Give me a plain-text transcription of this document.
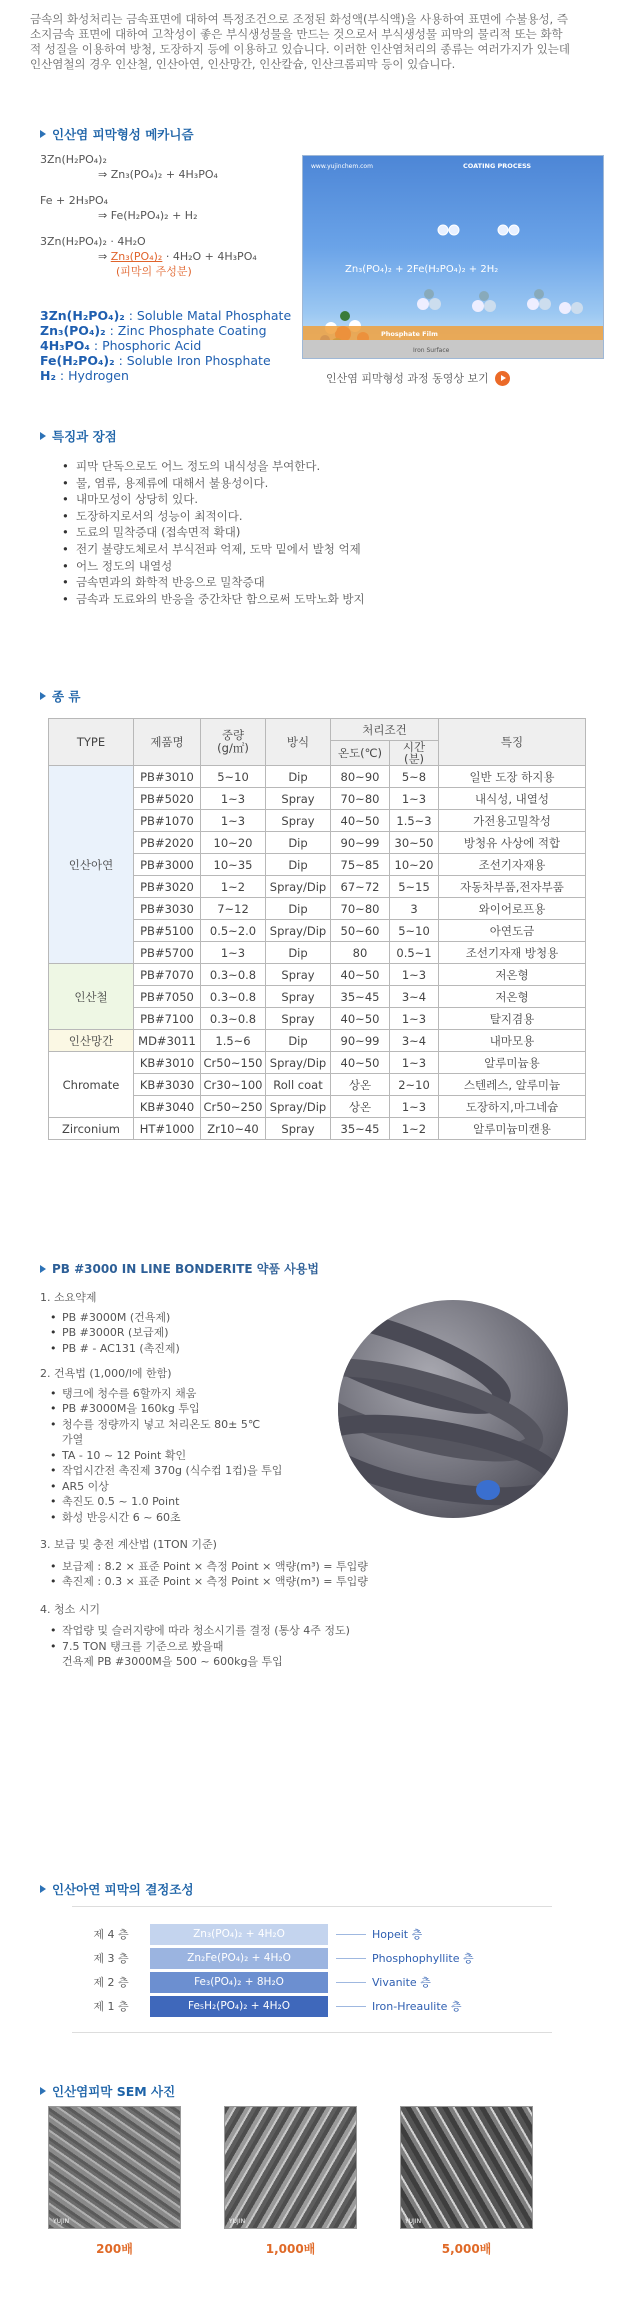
금속의 화성처리는 금속표면에 대하여 특정조건으로 조정된 화성액(부식액)을 사용하여 표면에 수불용성, 즉 소지금속 표면에 대하여 고착성이 좋은 부식생성물을 만드는 것으로서 부식생성물 피막의 물리적 또는 화학적 성질을 이용하여 방청, 도장하지 등에 이용하고 있습니다. 이러한 인산염처리의 종류는 여러가지가 있는데 인산염철의 경우 인산철, 인산아연, 인산망간, 인산칼슘, 인산크롬피막 등이 있습니다.
인산염 피막형성 메카니즘
3Zn(H₂PO₄)₂
⇒ Zn₃(PO₄)₂ + 4H₃PO₄
Fe + 2H₃PO₄
⇒ Fe(H₂PO₄)₂ + H₂
3Zn(H₂PO₄)₂ · 4H₂O
⇒ Zn₃(PO₄)₂ · 4H₂O + 4H₃PO₄
(피막의 주성분)
3Zn(H₂PO₄)₂ : Soluble Matal Phosphate
Zn₃(PO₄)₂ : Zinc Phosphate Coating
4H₃PO₄ : Phosphoric Acid
Fe(H₂PO₄)₂ : Soluble Iron Phosphate
H₂ : Hydrogen
www.yujinchem.com	COATING PROCESS
Zn₃(PO₄)₂ + 2Fe(H₂PO₄)₂ + 2H₂
Phosphate Film
Iron Surface
인산염 피막형성 과정 동영상 보기
특징과 장점
• 피막 단독으로도 어느 정도의 내식성을 부여한다.
• 물, 염류, 용제류에 대해서 불용성이다.
• 내마모성이 상당히 있다.
• 도장하지로서의 성능이 최적이다.
• 도료의 밀착증대 (접속면적 확대)
• 전기 불량도체로서 부식전파 억제, 도막 밑에서 발청 억제
• 어느 정도의 내열성
• 금속면과의 화학적 반응으로 밀착증대
• 금속과 도료와의 반응을 중간차단 함으로써 도막노화 방지
종 류
TYPE	제품명	중량
(g/㎡)	방식	처리조건		특징
				온도(℃)	시간
(분)	
인산아연	PB#3010	5~10	Dip	80~90	5~8	일반 도장 하지용
	PB#5020	1~3	Spray	70~80	1~3	내식성, 내열성
	PB#1070	1~3	Spray	40~50	1.5~3	가전용고밀착성
	PB#2020	10~20	Dip	90~99	30~50	방청유 사상에 적합
	PB#3000	10~35	Dip	75~85	10~20	조선기자재용
	PB#3020	1~2	Spray/Dip	67~72	5~15	자동차부품,전자부품
	PB#3030	7~12	Dip	70~80	3	와이어로프용
	PB#5100	0.5~2.0	Spray/Dip	50~60	5~10	아연도금
	PB#5700	1~3	Dip	80	0.5~1	조선기자재 방청용
인산철	PB#7070	0.3~0.8	Spray	40~50	1~3	저온형
	PB#7050	0.3~0.8	Spray	35~45	3~4	저온형
	PB#7100	0.3~0.8	Spray	40~50	1~3	탈지겸용
인산망간	MD#3011	1.5~6	Dip	90~99	3~4	내마모용
Chromate	KB#3010	Cr50~150	Spray/Dip	40~50	1~3	알루미늄용
	KB#3030	Cr30~100	Roll coat	상온	2~10	스텐레스, 알루미늄
	KB#3040	Cr50~250	Spray/Dip	상온	1~3	도장하지,마그네슘
Zirconium	HT#1000	Zr10~40	Spray	35~45	1~2	알루미늄미캔용
PB #3000 IN LINE BONDERITE 약품 사용법
1. 소요약제
• PB #3000M (건욕제)
• PB #3000R (보급제)
• PB # - AC131 (촉진제)
2. 건욕법 (1,000/l에 한함)
• 탱크에 청수를 6할까지 채움
• PB #3000M을 160kg 투입
• 청수를 정량까지 넣고 처리온도 80± 5℃ 가열
• TA - 10 ~ 12 Point 확인
• 작업시간전 촉진제 370g (식수컵 1컵)을 투입
• AR5 이상
• 촉진도 0.5 ~ 1.0 Point
• 화성 반응시간 6 ~ 60초
3. 보급 및 충전 계산법 (1TON 기준)
• 보급제 : 8.2 × 표준 Point × 측정 Point × 액량(m³) = 투입량
• 촉진제 : 0.3 × 표준 Point × 측정 Point × 액량(m³) = 투입량
4. 청소 시기
• 작업량 및 슬러지량에 따라 청소시기를 결정 (통상 4주 정도)
• 7.5 TON 탱크를 기준으로 봤을때
건욕제 PB #3000M을 500 ~ 600kg을 투입
인산아연 피막의 결정조성
제 4 층	Zn₃(PO₄)₂ + 4H₂O	Hopeit 층
제 3 층	Zn₂Fe(PO₄)₂ + 4H₂O	Phosphophyllite 층
제 2 층	Fe₃(PO₄)₂ + 8H₂O	Vivanite 층
제 1 층	Fe₅H₂(PO₄)₂ + 4H₂O	Iron-Hreaulite 층
인산염피막 SEM 사진
YUJIN	YUJIN	YUJIN
200배	1,000배	5,000배
